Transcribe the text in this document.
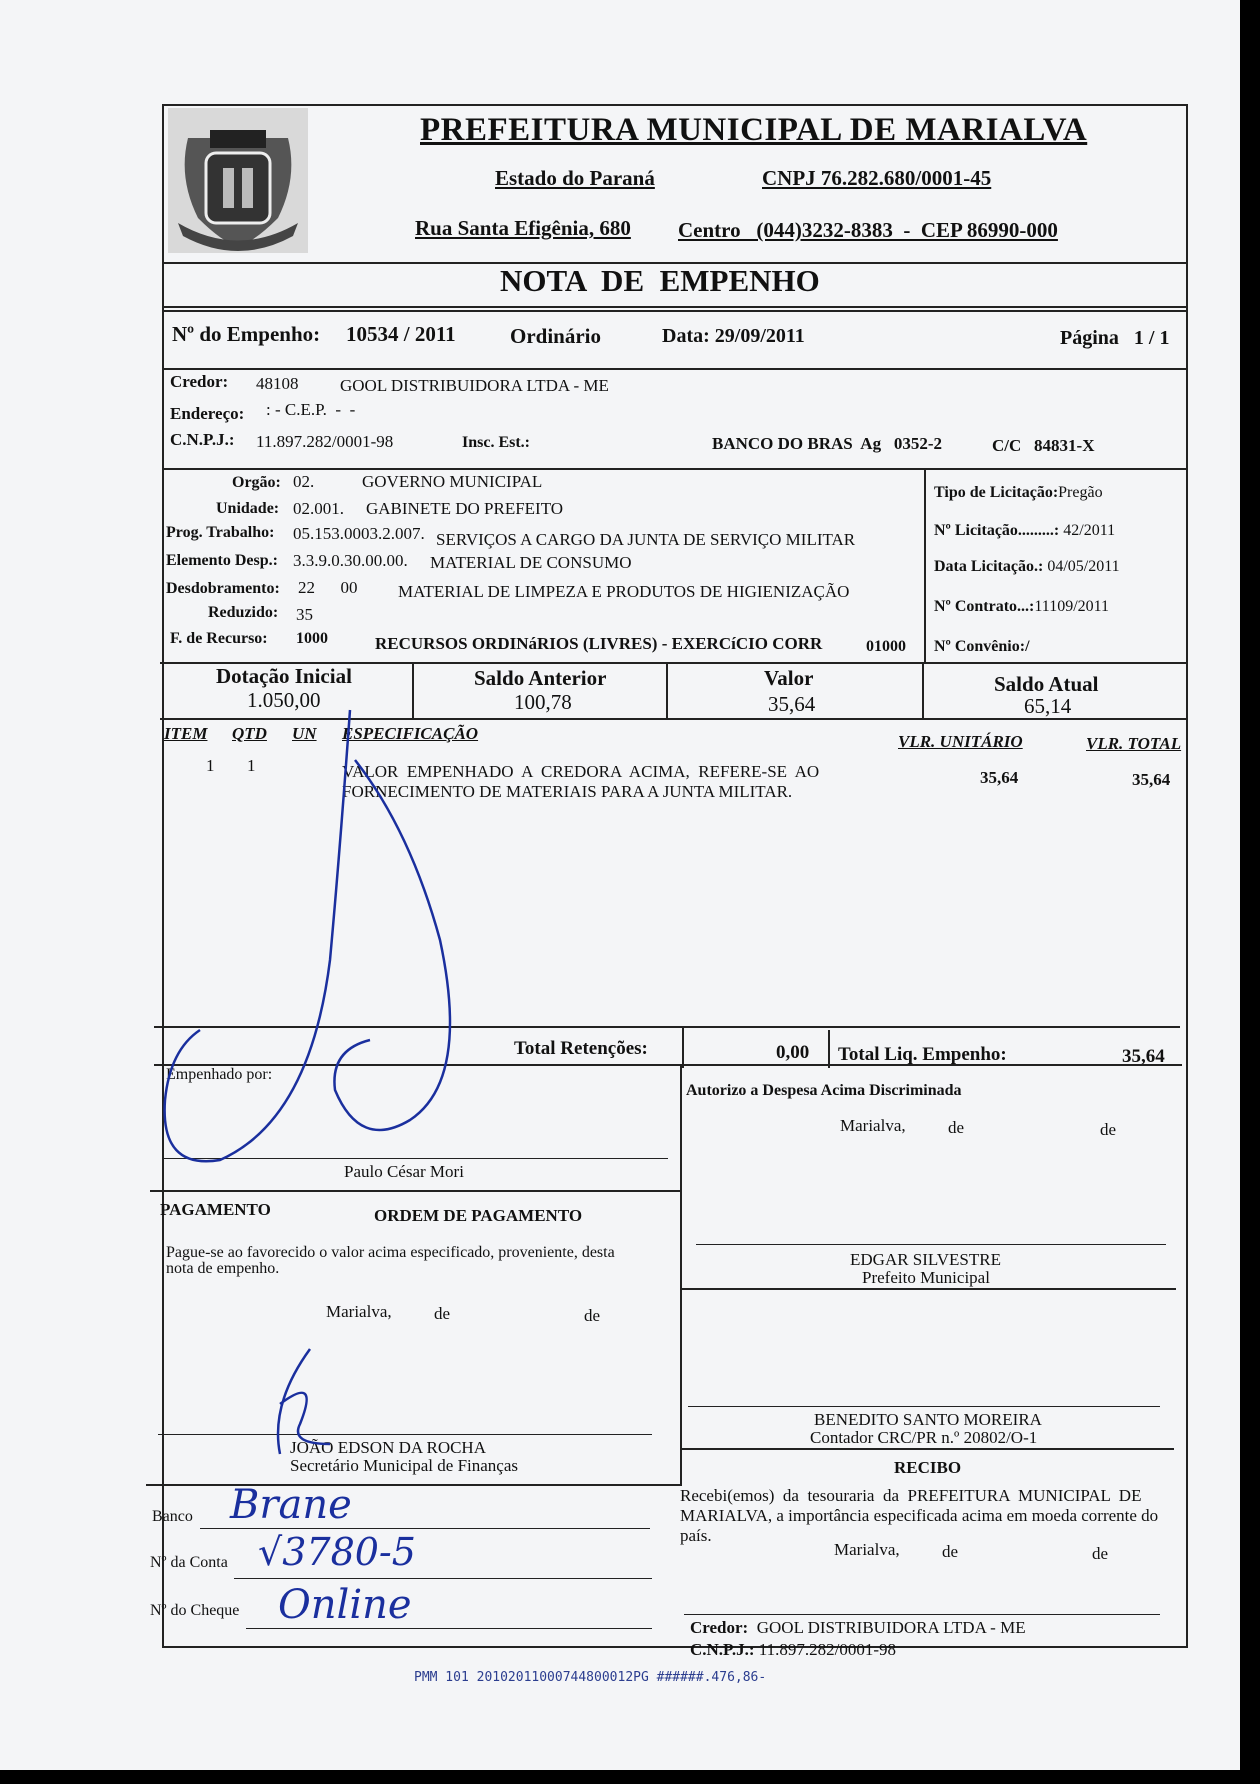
PREFEITURA MUNICIPAL DE MARIALVA
Estado do Paraná	CNPJ 76.282.680/0001-45
Rua Santa Efigênia, 680 Centro   (044)3232-8383  -  CEP 86990-000
NOTA  DE  EMPENHO
Nº do Empenho: 10534 / 2011	Ordinário	Data: 29/09/2011	Página   1 / 1
Credor: 48108 GOOL DISTRIBUIDORA LTDA - ME
Endereço: : - C.E.P.  -  -
C.N.P.J.: 11.897.282/0001-98	Insc. Est.:	BANCO DO BRAS  Ag   0352-2	C/C   84831-X
Orgão: 02.	GOVERNO MUNICIPAL
Unidade: 02.001. GABINETE DO PREFEITO
Prog. Trabalho: 05.153.0003.2.007. SERVIÇOS A CARGO DA JUNTA DE SERVIÇO MILITAR
Elemento Desp.: 3.3.9.0.30.00.00. MATERIAL DE CONSUMO
Desdobramento: 22      00 MATERIAL DE LIMPEZA E PRODUTOS DE HIGIENIZAÇÃO
Reduzido: 35
F. de Recurso: 1000	RECURSOS ORDINáRIOS (LIVRES) - EXERCíCIO CORR	01000
Tipo de Licitação:Pregão
Nº Licitação.........: 42/2011
Data Licitação.: 04/05/2011
Nº Contrato...:11109/2011
Nº Convênio:/
Dotação Inicial
1.050,00
Saldo Anterior
100,78
Valor
35,64
Saldo Atual
65,14
ITEM QTD UN ESPECIFICAÇÃO	VLR. UNITÁRIO	VLR. TOTAL
1 1	VALOR  EMPENHADO  A  CREDORA  ACIMA,  REFERE-SE  AO
FORNECIMENTO DE MATERIAIS PARA A JUNTA MILITAR.
35,64	35,64
Total Retenções:	0,00 Total Liq. Empenho:	35,64
Empenhado por:
Paulo César Mori
Autorizo a Despesa Acima Discriminada
Marialva, de	de
EDGAR SILVESTRE
Prefeito Municipal
BENEDITO SANTO MOREIRA
Contador CRC/PR n.º 20802/O-1
PAGAMENTO	ORDEM DE PAGAMENTO
Pague-se ao favorecido o valor acima especificado, proveniente, desta
nota de empenho.
Marialva, de	de
JOÃO EDSON DA ROCHA
Secretário Municipal de Finanças
Banco
Nº da Conta
Nº do Cheque
RECIBO
Recebi(emos)  da  tesouraria  da  PREFEITURA  MUNICIPAL  DE
MARIALVA, a importância especificada acima em moeda corrente do
país.
Marialva, de	de
Credor: GOOL DISTRIBUIDORA LTDA - ME
C.N.P.J.: 11.897.282/0001-98
Brane
√3780-5
Online
PMM 101 20102011000744800012PG ######.476,86-
